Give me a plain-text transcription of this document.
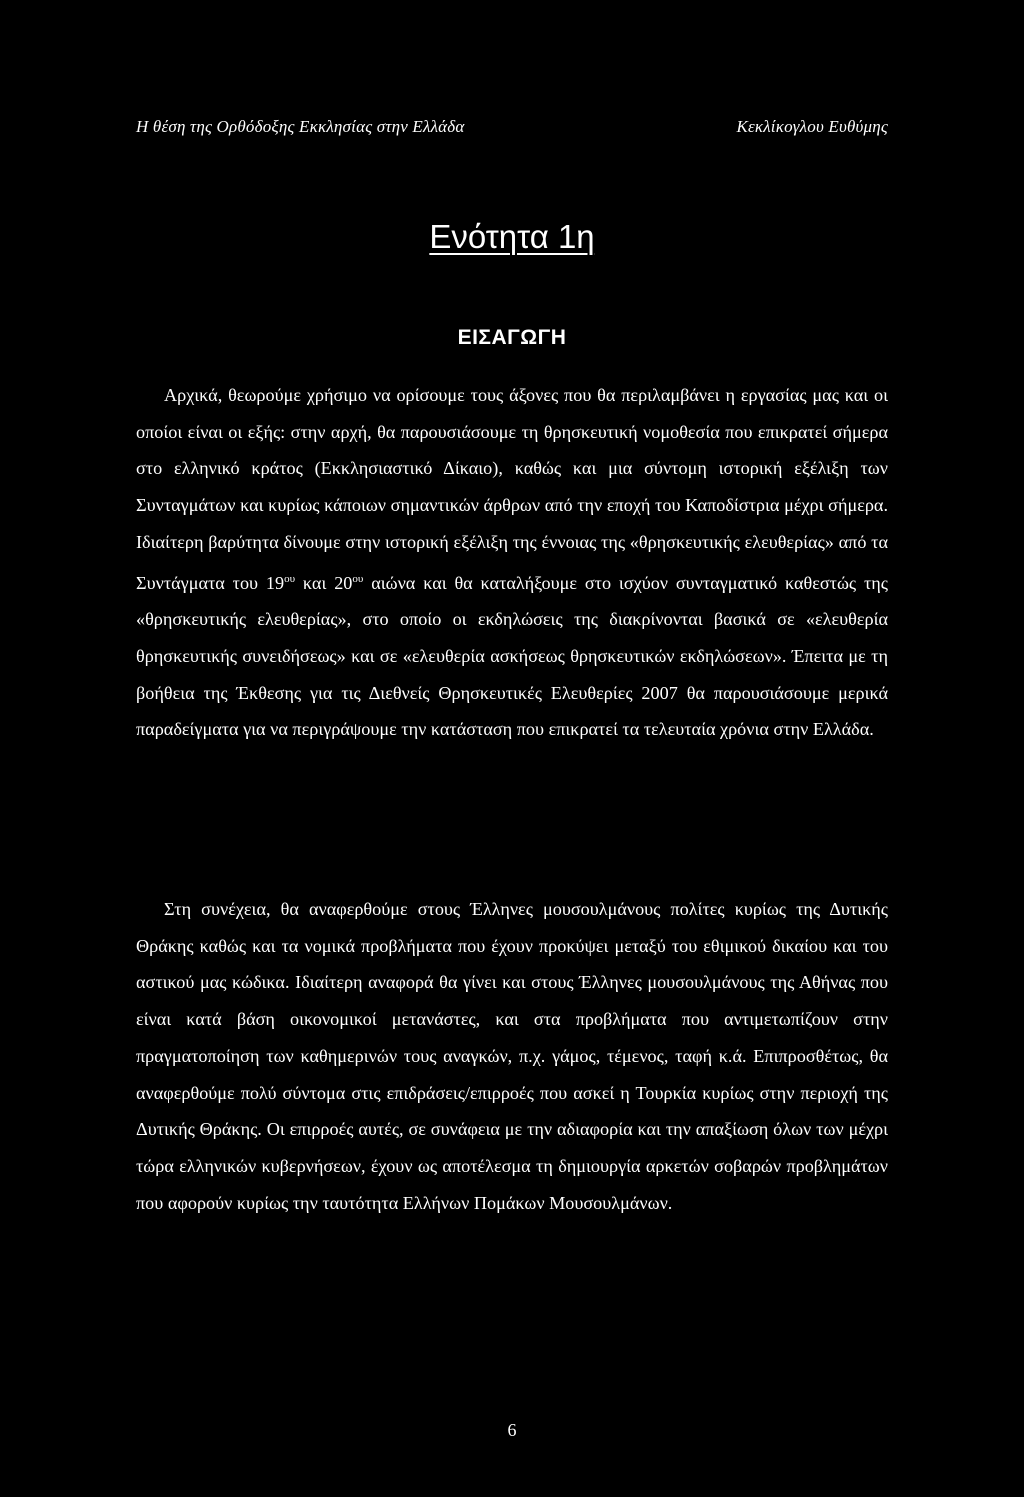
Η θέση της Ορθόδοξης Εκκλησίας στην Ελλάδα	Κεκλίκογλου Ευθύμης
Ενότητα 1η
ΕΙΣΑΓΩΓΗ

Αρχικά, θεωρούμε χρήσιμο να ορίσουμε τους άξονες που θα περιλαμβάνει η εργασίας μας και οι οποίοι είναι οι εξής: στην αρχή, θα παρουσιάσουμε τη θρησκευτική νομοθεσία που επικρατεί σήμερα στο ελληνικό κράτος (Εκκλησιαστικό Δίκαιο), καθώς και μια σύντομη ιστορική εξέλιξη των Συνταγμάτων και κυρίως κάποιων σημαντικών άρθρων από την εποχή του Καποδίστρια μέχρι σήμερα. Ιδιαίτερη βαρύτητα δίνουμε στην ιστορική εξέλιξη της έννοιας της «θρησκευτικής ελευθερίας» από τα Συντάγματα του $19^{o\upsilon}$ και $20^{o\upsilon}$ αιώνα και θα καταλήξουμε στο ισχύον συνταγματικό καθεστώς της «θρησκευτικής ελευθερίας», στο οποίο οι εκδηλώσεις της διακρίνονται βασικά σε «ελευθερία θρησκευτικής συνειδήσεως» και σε «ελευθερία ασκήσεως θρησκευτικών εκδηλώσεων». Έπειτα με τη βοήθεια της Έκθεσης για τις Διεθνείς Θρησκευτικές Ελευθερίες 2007 θα παρουσιάσουμε μερικά παραδείγματα για να περιγράψουμε την κατάσταση που επικρατεί τα τελευταία χρόνια στην Ελλάδα.

Στη συνέχεια, θα αναφερθούμε στους Έλληνες μουσουλμάνους πολίτες κυρίως της Δυτικής Θράκης καθώς και τα νομικά προβλήματα που έχουν προκύψει μεταξύ του εθιμικού δικαίου και του αστικού μας κώδικα. Ιδιαίτερη αναφορά θα γίνει και στους Έλληνες μουσουλμάνους της Αθήνας που είναι κατά βάση οικονομικοί μετανάστες, και στα προβλήματα που αντιμετωπίζουν στην πραγματοποίηση των καθημερινών τους αναγκών, π.χ. γάμος, τέμενος, ταφή κ.ά. Επιπροσθέτως, θα αναφερθούμε πολύ σύντομα στις επιδράσεις/επιρροές που ασκεί η Τουρκία κυρίως στην περιοχή της Δυτικής Θράκης. Οι επιρροές αυτές, σε συνάφεια με την αδιαφορία και την απαξίωση όλων των μέχρι τώρα ελληνικών κυβερνήσεων, έχουν ως αποτέλεσμα τη δημιουργία αρκετών σοβαρών προβλημάτων που αφορούν κυρίως την ταυτότητα Ελλήνων Πομάκων Μουσουλμάνων.

6
